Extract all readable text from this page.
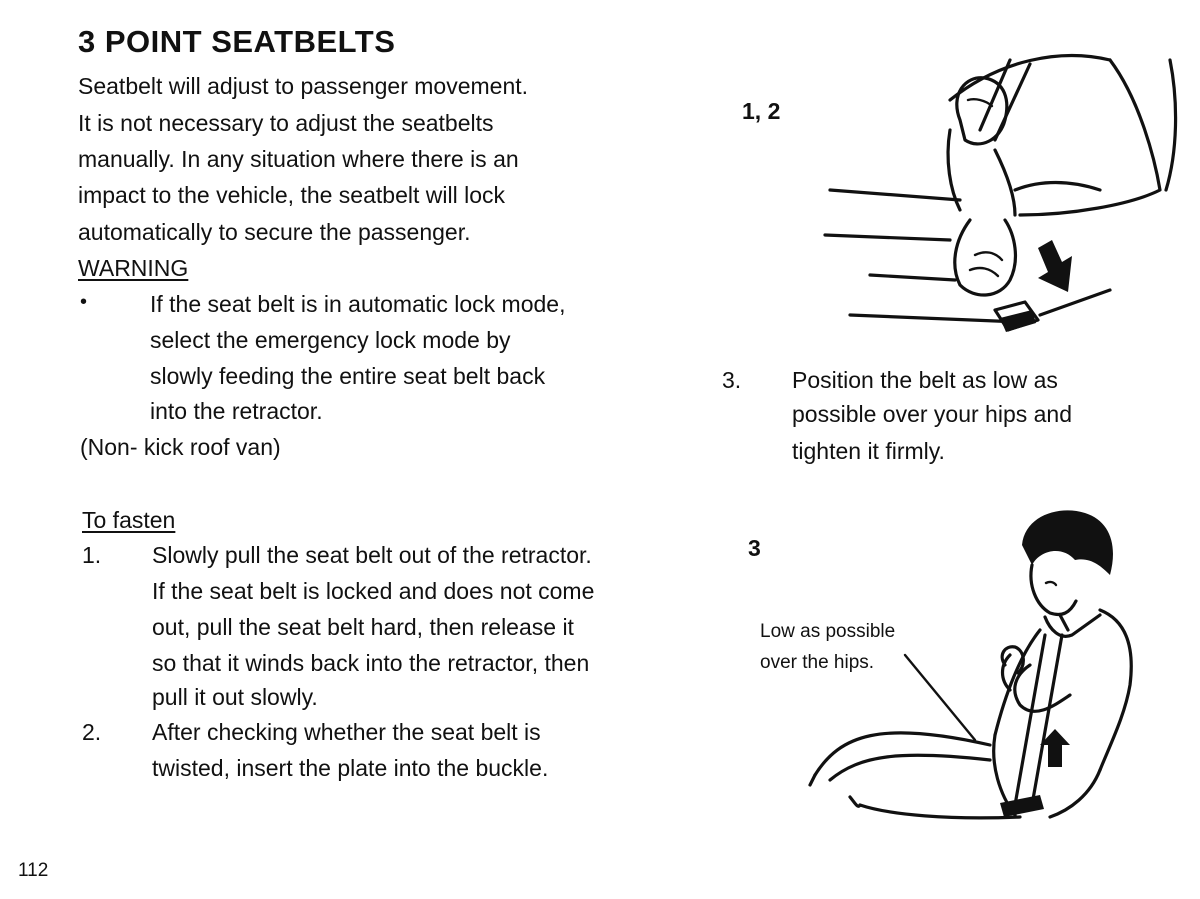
3 POINT SEATBELTS
Seatbelt will adjust to passenger movement.
It is not necessary to adjust the seatbelts
manually. In any situation where there is an
impact to the vehicle, the seatbelt will lock
automatically to secure the passenger.
WARNING
•	If the seat belt is in automatic lock mode,
select the emergency lock mode by
slowly feeding the entire seat belt back
into the retractor.
(Non- kick roof van)
To fasten
1. Slowly pull the seat belt out of the retractor.
If the seat belt is locked and does not come
out, pull the seat belt hard, then release it
so that it winds back into the retractor, then
pull it out slowly.
2. After checking whether the seat belt is
twisted, insert the plate into the buckle.
3. Position the belt as low as
possible over your hips and
tighten it firmly.
1, 2
3
Low as possible
over the hips.
112
